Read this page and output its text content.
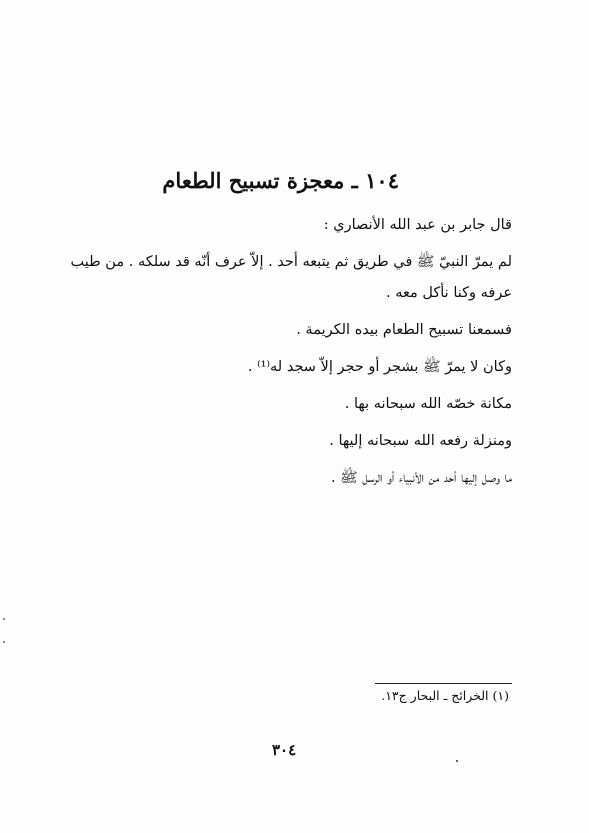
١٠٤ ـ معجزة تسبيح الطعام

قال جابر بن عبد الله الأنصاري :

لم يمرّ النبيّ ﷺ في طريق ثم يتبعه أحد . إلاّ عرف أنّه قد سلكه . من طيب عرفه وكنا نأكل معه .

فسمعنا تسبيح الطعام بيده الكريمة .

وكان لا يمرّ ﷺ بشجر أو حجر إلاّ سجد له⁽¹⁾ .

مكانة خصّه الله سبحانه بها .

ومنزلة رفعه الله سبحانه إليها .

ما وصل إليها أحد من الأنبياء أو الرسل ﷺ .

(١) الخرائج ـ البحار ج١٣.
٣٠٤
